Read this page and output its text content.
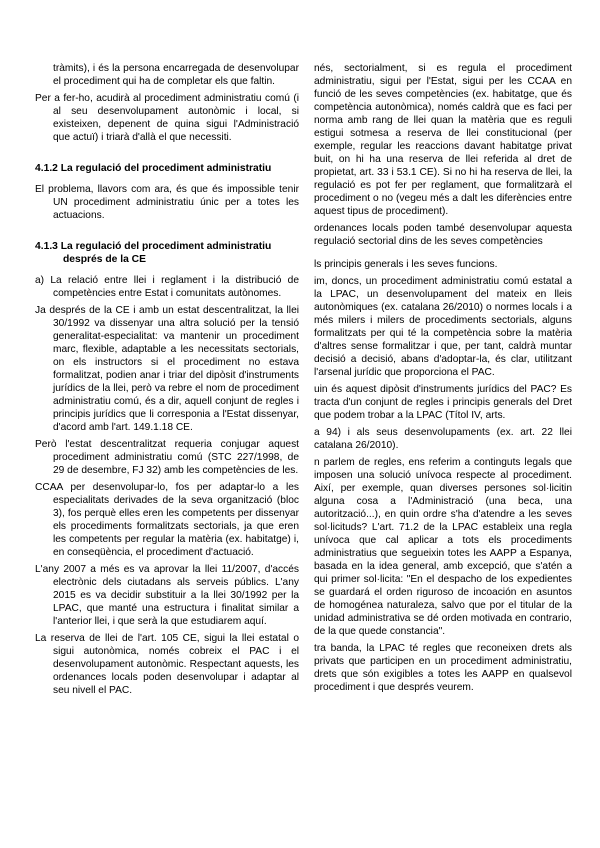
tràmits), i és la persona encarregada de desenvolupar el procediment qui ha de completar els que faltin.

Per a fer-ho, acudirà al procediment administratiu comú (i al seu desenvolupament autonòmic i local, si existeixen, depenent de quina sigui l'Administració que actuï) i triarà d'allà el que necessiti.

4.1.2 La regulació del procediment administratiu

El problema, llavors com ara, és que és impossible tenir UN procediment administratiu únic per a totes les actuacions.

4.1.3 La regulació del procediment administratiu després de la CE

a) La relació entre llei i reglament i la distribució de competències entre Estat i comunitats autònomes.

Ja després de la CE i amb un estat descentralitzat, la llei 30/1992 va dissenyar una altra solució per la tensió generalitat-especialitat: va mantenir un procediment marc, flexible, adaptable a les necessitats sectorials, on els instructors si el procediment no estava formalitzat, podien anar i triar del dipòsit d'instruments jurídics de la llei, però va rebre el nom de procediment administratiu comú, és a dir, aquell conjunt de regles i principis jurídics que li corresponia a l'Estat dissenyar, d'acord amb l'art. 149.1.18 CE.

Però l'estat descentralitzat requeria conjugar aquest procediment administratiu comú (STC 227/1998, de 29 de desembre, FJ 32) amb les competències de les.

CCAA per desenvolupar-lo, fos per adaptar-lo a les especialitats derivades de la seva organització (bloc 3), fos perquè elles eren les competents per dissenyar els procediments formalitzats sectorials, ja que eren les competents per regular la matèria (ex. habitatge) i, en conseqüència, el procediment d'actuació.

L'any 2007 a més es va aprovar la llei 11/2007, d'accés electrònic dels ciutadans als serveis públics. L'any 2015 es va decidir substituir a la llei 30/1992 per la LPAC, que manté una estructura i finalitat similar a l'anterior llei, i que serà la que estudiarem aquí.

La reserva de llei de l'art. 105 CE, sigui la llei estatal o sigui autonòmica, només cobreix el PAC i el desenvolupament autonòmic. Respectant aquests, les ordenances locals poden desenvolupar i adaptar al seu nivell el PAC.

nés, sectorialment, si es regula el procediment administratiu, sigui per l'Estat, sigui per les CCAA en funció de les seves competències (ex. habitatge, que és competència autonòmica), només caldrà que es faci per norma amb rang de llei quan la matèria que es reguli estigui sotmesa a reserva de llei constitucional (per exemple, regular les reaccions davant habitatge privat buit, on hi ha una reserva de llei referida al dret de propietat, art. 33 i 53.1 CE). Si no hi ha reserva de llei, la regulació es pot fer per reglament, que formalitzarà el procediment o no (vegeu més a dalt les diferències entre aquest tipus de procediment).

ordenances locals poden també desenvolupar aquesta regulació sectorial dins de les seves competències

ls principis generals i les seves funcions.

im, doncs, un procediment administratiu comú estatal a la LPAC, un desenvolupament del mateix en lleis autonòmiques (ex. catalana 26/2010) o normes locals i a més milers i milers de procediments sectorials, alguns formalitzats per qui té la competència sobre la matèria d'altres sense formalitzar i que, per tant, caldrà muntar decisió a decisió, abans d'adoptar-la, és clar, utilitzant l'arsenal jurídic que proporciona el PAC.

uin és aquest dipòsit d'instruments jurídics del PAC? Es tracta d'un conjunt de regles i principis generals del Dret que podem trobar a la LPAC (Títol IV, arts.

a 94) i als seus desenvolupaments (ex. art. 22 llei catalana 26/2010).

n parlem de regles, ens referim a continguts legals que imposen una solució unívoca respecte al procediment. Així, per exemple, quan diverses persones sol·licitin alguna cosa a l'Administració (una beca, una autorització...), en quin ordre s'ha d'atendre a les seves sol·licituds? L'art. 71.2 de la LPAC estableix una regla unívoca que cal aplicar a tots els procediments administratius que segueixin totes les AAPP a Espanya, basada en la idea general, amb excepció, que s'atén a qui primer sol·licita: "En el despacho de los expedientes se guardará el orden riguroso de incoación en asuntos de homogénea naturaleza, salvo que por el titular de la unidad administrativa se dé orden motivada en contrario, de la que quede constancia".

tra banda, la LPAC té regles que reconeixen drets als privats que participen en un procediment administratiu, drets que són exigibles a totes les AAPP en qualsevol procediment i que després veurem.
